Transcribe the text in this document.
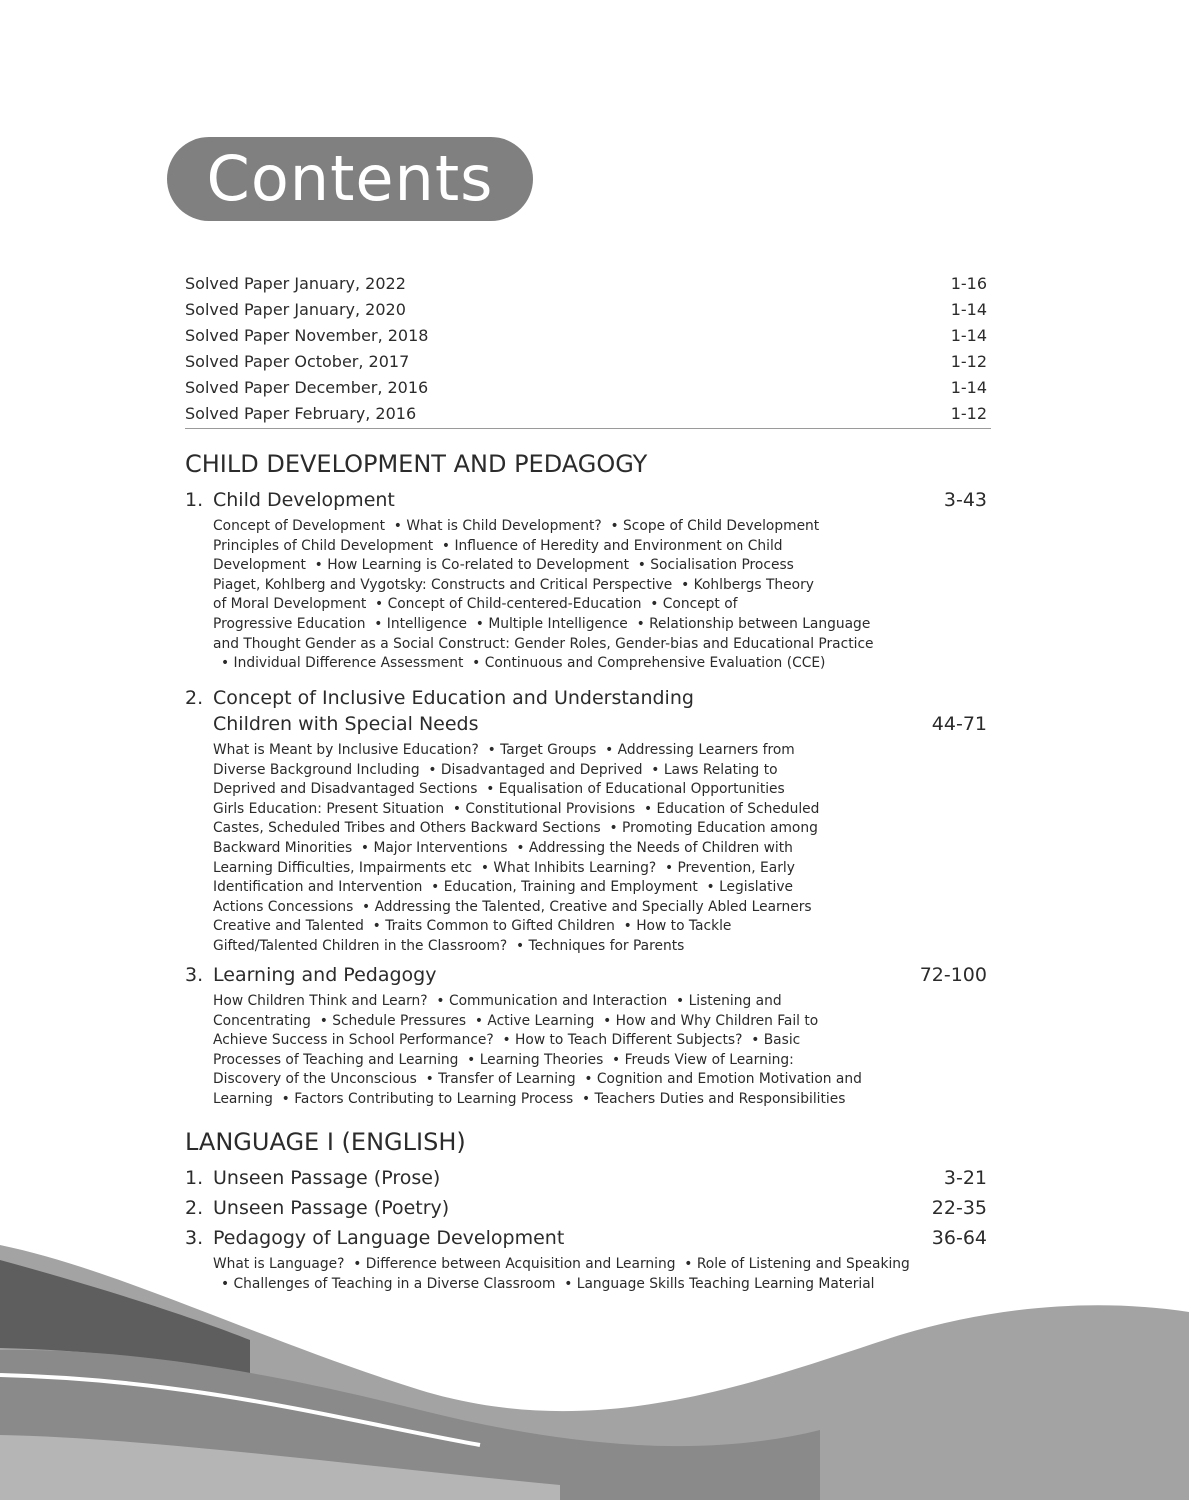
Contents
Solved Paper January, 2022	1-16
Solved Paper January, 2020	1-14
Solved Paper November, 2018	1-14
Solved Paper October, 2017	1-12
Solved Paper December, 2016	1-14
Solved Paper February, 2016	1-12
CHILD DEVELOPMENT AND PEDAGOGY
1. Child Development	3-43
Concept of Development • What is Child Development? • Scope of Child Development
Principles of Child Development • Influence of Heredity and Environment on Child
Development • How Learning is Co-related to Development • Socialisation Process
Piaget, Kohlberg and Vygotsky: Constructs and Critical Perspective • Kohlbergs Theory
of Moral Development • Concept of Child-centered-Education • Concept of
Progressive Education • Intelligence • Multiple Intelligence • Relationship between Language
and Thought Gender as a Social Construct: Gender Roles, Gender-bias and Educational Practice
• Individual Difference Assessment • Continuous and Comprehensive Evaluation (CCE)
2. Concept of Inclusive Education and Understanding
Children with Special Needs	44-71
What is Meant by Inclusive Education? • Target Groups • Addressing Learners from
Diverse Background Including • Disadvantaged and Deprived • Laws Relating to
Deprived and Disadvantaged Sections • Equalisation of Educational Opportunities
Girls Education: Present Situation • Constitutional Provisions • Education of Scheduled
Castes, Scheduled Tribes and Others Backward Sections • Promoting Education among
Backward Minorities • Major Interventions • Addressing the Needs of Children with
Learning Difficulties, Impairments etc • What Inhibits Learning? • Prevention, Early
Identification and Intervention • Education, Training and Employment • Legislative
Actions Concessions • Addressing the Talented, Creative and Specially Abled Learners
Creative and Talented • Traits Common to Gifted Children • How to Tackle
Gifted/Talented Children in the Classroom? • Techniques for Parents
3. Learning and Pedagogy	72-100
How Children Think and Learn? • Communication and Interaction • Listening and
Concentrating • Schedule Pressures • Active Learning • How and Why Children Fail to
Achieve Success in School Performance? • How to Teach Different Subjects? • Basic
Processes of Teaching and Learning • Learning Theories • Freuds View of Learning:
Discovery of the Unconscious • Transfer of Learning • Cognition and Emotion Motivation and
Learning • Factors Contributing to Learning Process • Teachers Duties and Responsibilities
LANGUAGE I (ENGLISH)
1. Unseen Passage (Prose)	3-21
2. Unseen Passage (Poetry)	22-35
3. Pedagogy of Language Development	36-64
What is Language? • Difference between Acquisition and Learning • Role of Listening and Speaking
• Challenges of Teaching in a Diverse Classroom • Language Skills Teaching Learning Material
